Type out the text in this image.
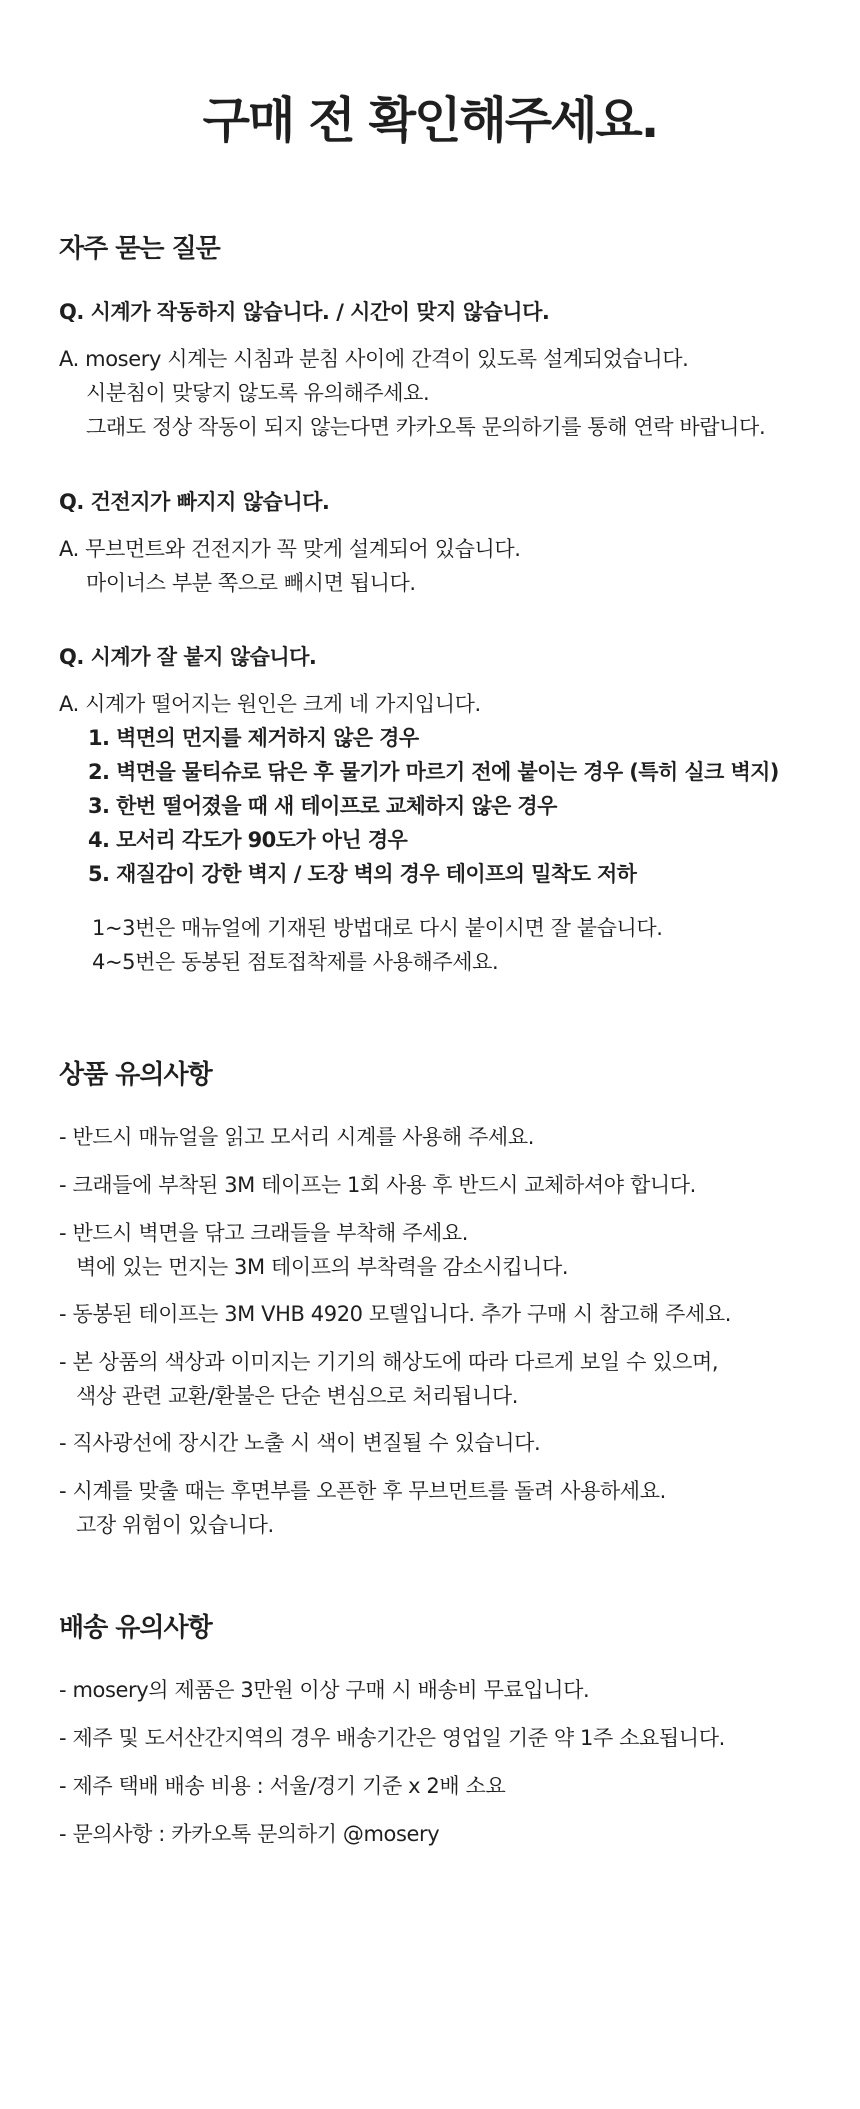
구매 전 확인해주세요.
자주 묻는 질문

Q. 시계가 작동하지 않습니다. / 시간이 맞지 않습니다.

A. mosery 시계는 시침과 분침 사이에 간격이 있도록 설계되었습니다.
시분침이 맞닿지 않도록 유의해주세요.
그래도 정상 작동이 되지 않는다면 카카오톡 문의하기를 통해 연락 바랍니다.

Q. 건전지가 빠지지 않습니다.

A. 무브먼트와 건전지가 꼭 맞게 설계되어 있습니다.
마이너스 부분 쪽으로 빼시면 됩니다.

Q. 시계가 잘 붙지 않습니다.

A. 시계가 떨어지는 원인은 크게 네 가지입니다.
1. 벽면의 먼지를 제거하지 않은 경우
2. 벽면을 물티슈로 닦은 후 물기가 마르기 전에 붙이는 경우 (특히 실크 벽지)
3. 한번 떨어졌을 때 새 테이프로 교체하지 않은 경우
4. 모서리 각도가 90도가 아닌 경우
5. 재질감이 강한 벽지 / 도장 벽의 경우 테이프의 밀착도 저하
1~3번은 매뉴얼에 기재된 방법대로 다시 붙이시면 잘 붙습니다.
4~5번은 동봉된 점토접착제를 사용해주세요.
상품 유의사항

- 반드시 매뉴얼을 읽고 모서리 시계를 사용해 주세요.

- 크래들에 부착된 3M 테이프는 1회 사용 후 반드시 교체하셔야 합니다.

- 반드시 벽면을 닦고 크래들을 부착해 주세요.
벽에 있는 먼지는 3M 테이프의 부착력을 감소시킵니다.

- 동봉된 테이프는 3M VHB 4920 모델입니다. 추가 구매 시 참고해 주세요.

- 본 상품의 색상과 이미지는 기기의 해상도에 따라 다르게 보일 수 있으며,
색상 관련 교환/환불은 단순 변심으로 처리됩니다.

- 직사광선에 장시간 노출 시 색이 변질될 수 있습니다.

- 시계를 맞출 때는 후면부를 오픈한 후 무브먼트를 돌려 사용하세요.
고장 위험이 있습니다.

배송 유의사항

- mosery의 제품은 3만원 이상 구매 시 배송비 무료입니다.

- 제주 및 도서산간지역의 경우 배송기간은 영업일 기준 약 1주 소요됩니다.

- 제주 택배 배송 비용 : 서울/경기 기준 x 2배 소요

- 문의사항 : 카카오톡 문의하기 @mosery
